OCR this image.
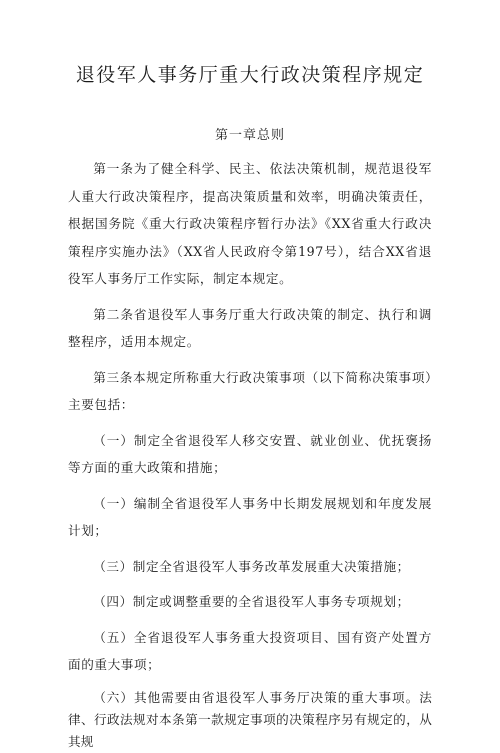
退役军人事务厅重大行政决策程序规定
第一章总则

第一条为了健全科学、民主、依法决策机制，规范退役军人重大行政决策程序，提高决策质量和效率，明确决策责任，根据国务院《重大行政决策程序暂行办法》《XX省重大行政决策程序实施办法》（XX省人民政府令第197号），结合XX省退役军人事务厅工作实际，制定本规定。

第二条省退役军人事务厅重大行政决策的制定、执行和调整程序，适用本规定。

第三条本规定所称重大行政决策事项（以下简称决策事项）主要包括：

（一）制定全省退役军人移交安置、就业创业、优抚褒扬等方面的重大政策和措施；

（一）编制全省退役军人事务中长期发展规划和年度发展计划；

（三）制定全省退役军人事务改革发展重大决策措施；

（四）制定或调整重要的全省退役军人事务专项规划；

（五）全省退役军人事务重大投资项目、国有资产处置方面的重大事项；

（六）其他需要由省退役军人事务厅决策的重大事项。法律、行政法规对本条第一款规定事项的决策程序另有规定的，从其规
